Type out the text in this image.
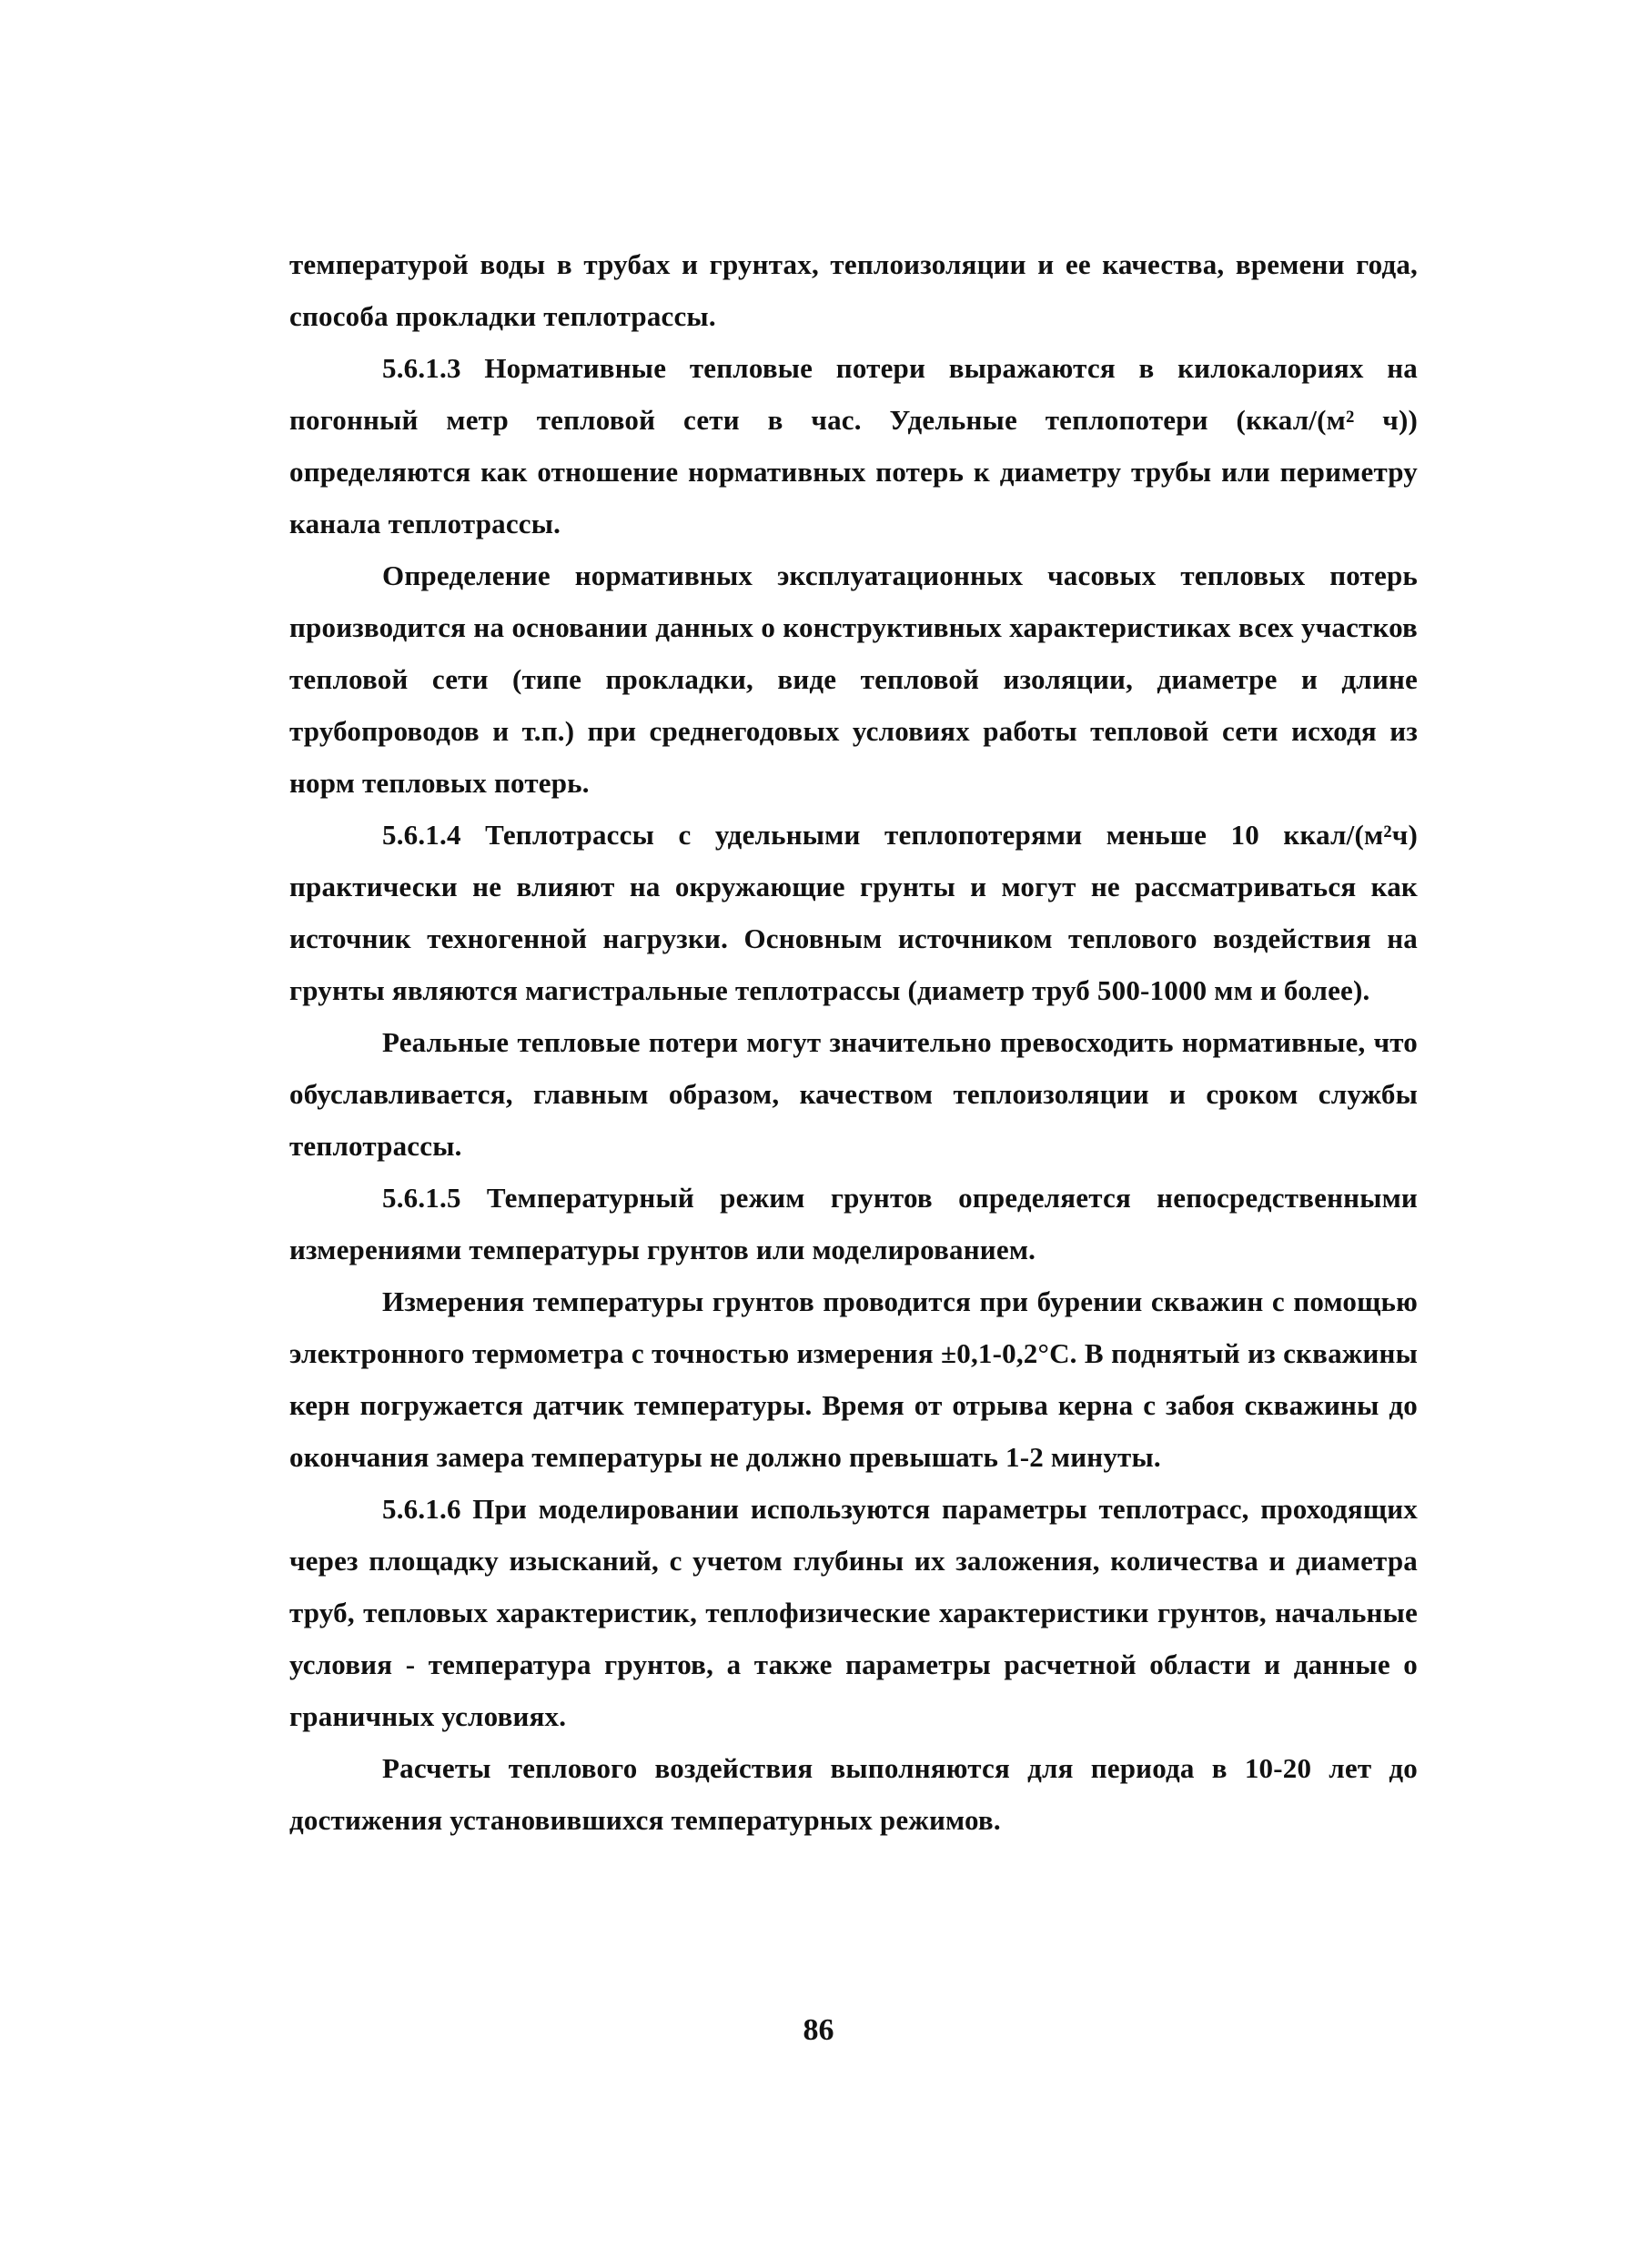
температурой воды в трубах и грунтах, теплоизоляции и ее качества, времени года, способа прокладки теплотрассы.

5.6.1.3 Нормативные тепловые потери выражаются в килокалориях на погонный метр тепловой сети в час. Удельные теплопотери (ккал/(м² ч)) определяются как отношение нормативных потерь к диаметру трубы или периметру канала теплотрассы.

Определение нормативных эксплуатационных часовых тепловых потерь производится на основании данных о конструктивных характеристиках всех участков тепловой сети (типе прокладки, виде тепловой изоляции, диаметре и длине трубопроводов и т.п.) при среднегодовых условиях работы тепловой сети исходя из норм тепловых потерь.

5.6.1.4 Теплотрассы с удельными теплопотерями меньше 10 ккал/(м²ч) практически не влияют на окружающие грунты и могут не рассматриваться как источник техногенной нагрузки. Основным источником теплового воздействия на грунты являются магистральные теплотрассы (диаметр труб 500-1000 мм и более).

Реальные тепловые потери могут значительно превосходить нормативные, что обуславливается, главным образом, качеством теплоизоляции и сроком службы теплотрассы.

5.6.1.5 Температурный режим грунтов определяется непосредственными измерениями температуры грунтов или моделированием.

Измерения температуры грунтов проводится при бурении скважин с помощью электронного термометра с точностью измерения ±0,1-0,2°С. В поднятый из скважины керн погружается датчик температуры. Время от отрыва керна с забоя скважины до окончания замера температуры не должно превышать 1-2 минуты.

5.6.1.6 При моделировании используются параметры теплотрасс, проходящих через площадку изысканий, с учетом глубины их заложения, количества и диаметра труб, тепловых характеристик, теплофизические характеристики грунтов, начальные условия - температура грунтов, а также параметры расчетной области и данные о граничных условиях.

Расчеты теплового воздействия выполняются для периода в 10-20 лет до достижения установившихся температурных режимов.

86
